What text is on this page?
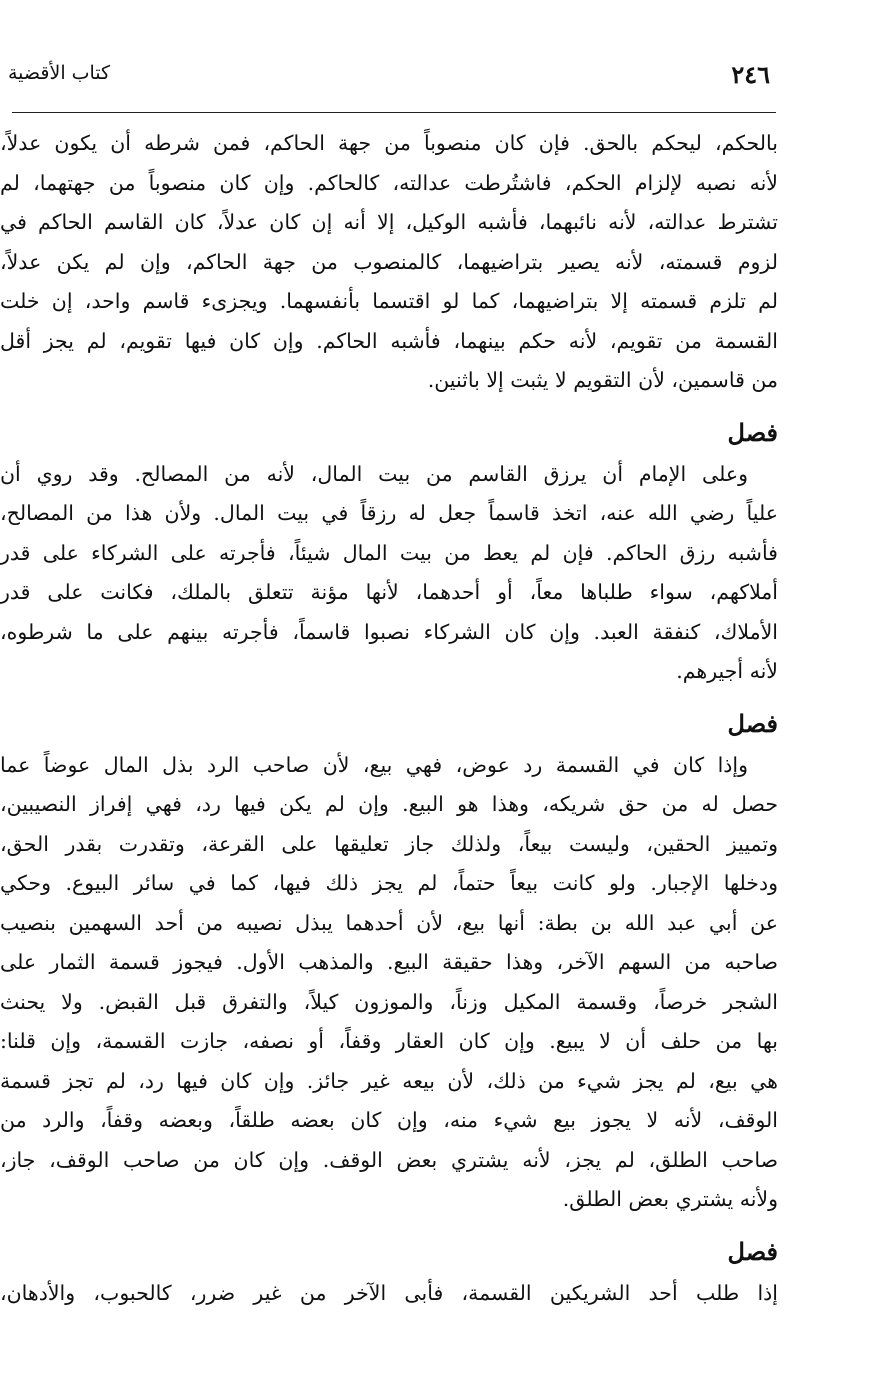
٢٤٦
كتاب الأقضية
بالحكم، ليحكم بالحق. فإن كان منصوباً من جهة الحاكم، فمن شرطه أن يكون عدلاً،
لأنه نصبه لإلزام الحكم، فاشتُرطت عدالته، كالحاكم. وإن كان منصوباً من جهتهما، لم
تشترط عدالته، لأنه نائبهما، فأشبه الوكيل، إلا أنه إن كان عدلاً، كان القاسم الحاكم في
لزوم قسمته، لأنه يصير بتراضيهما، كالمنصوب من جهة الحاكم، وإن لم يكن عدلاً،
لم تلزم قسمته إلا بتراضيهما، كما لو اقتسما بأنفسهما. ويجزىء قاسم واحد، إن خلت
القسمة من تقويم، لأنه حكم بينهما، فأشبه الحاكم. وإن كان فيها تقويم، لم يجز أقل
من قاسمين، لأن التقويم لا يثبت إلا باثنين.
فصل
وعلى الإمام أن يرزق القاسم من بيت المال، لأنه من المصالح. وقد روي أن
علياً رضي الله عنه، اتخذ قاسماً جعل له رزقاً في بيت المال. ولأن هذا من المصالح،
فأشبه رزق الحاكم. فإن لم يعط من بيت المال شيئاً، فأجرته على الشركاء على قدر
أملاكهم، سواء طلباها معاً، أو أحدهما، لأنها مؤنة تتعلق بالملك، فكانت على قدر
الأملاك، كنفقة العبد. وإن كان الشركاء نصبوا قاسماً، فأجرته بينهم على ما شرطوه،
لأنه أجيرهم.
فصل
وإذا كان في القسمة رد عوض، فهي بيع، لأن صاحب الرد بذل المال عوضاً عما
حصل له من حق شريكه، وهذا هو البيع. وإن لم يكن فيها رد، فهي إفراز النصيبين،
وتمييز الحقين، وليست بيعاً، ولذلك جاز تعليقها على القرعة، وتقدرت بقدر الحق،
ودخلها الإجبار. ولو كانت بيعاً حتماً، لم يجز ذلك فيها، كما في سائر البيوع. وحكي
عن أبي عبد الله بن بطة: أنها بيع، لأن أحدهما يبذل نصيبه من أحد السهمين بنصيب
صاحبه من السهم الآخر، وهذا حقيقة البيع. والمذهب الأول. فيجوز قسمة الثمار على
الشجر خرصاً، وقسمة المكيل وزناً، والموزون كيلاً، والتفرق قبل القبض. ولا يحنث
بها من حلف أن لا يبيع. وإن كان العقار وقفاً، أو نصفه، جازت القسمة، وإن قلنا:
هي بيع، لم يجز شيء من ذلك، لأن بيعه غير جائز. وإن كان فيها رد، لم تجز قسمة
الوقف، لأنه لا يجوز بيع شيء منه، وإن كان بعضه طلقاً، وبعضه وقفاً، والرد من
صاحب الطلق، لم يجز، لأنه يشتري بعض الوقف. وإن كان من صاحب الوقف، جاز،
ولأنه يشتري بعض الطلق.
فصل
إذا طلب أحد الشريكين القسمة، فأبى الآخر من غير ضرر، كالحبوب، والأدهان،
